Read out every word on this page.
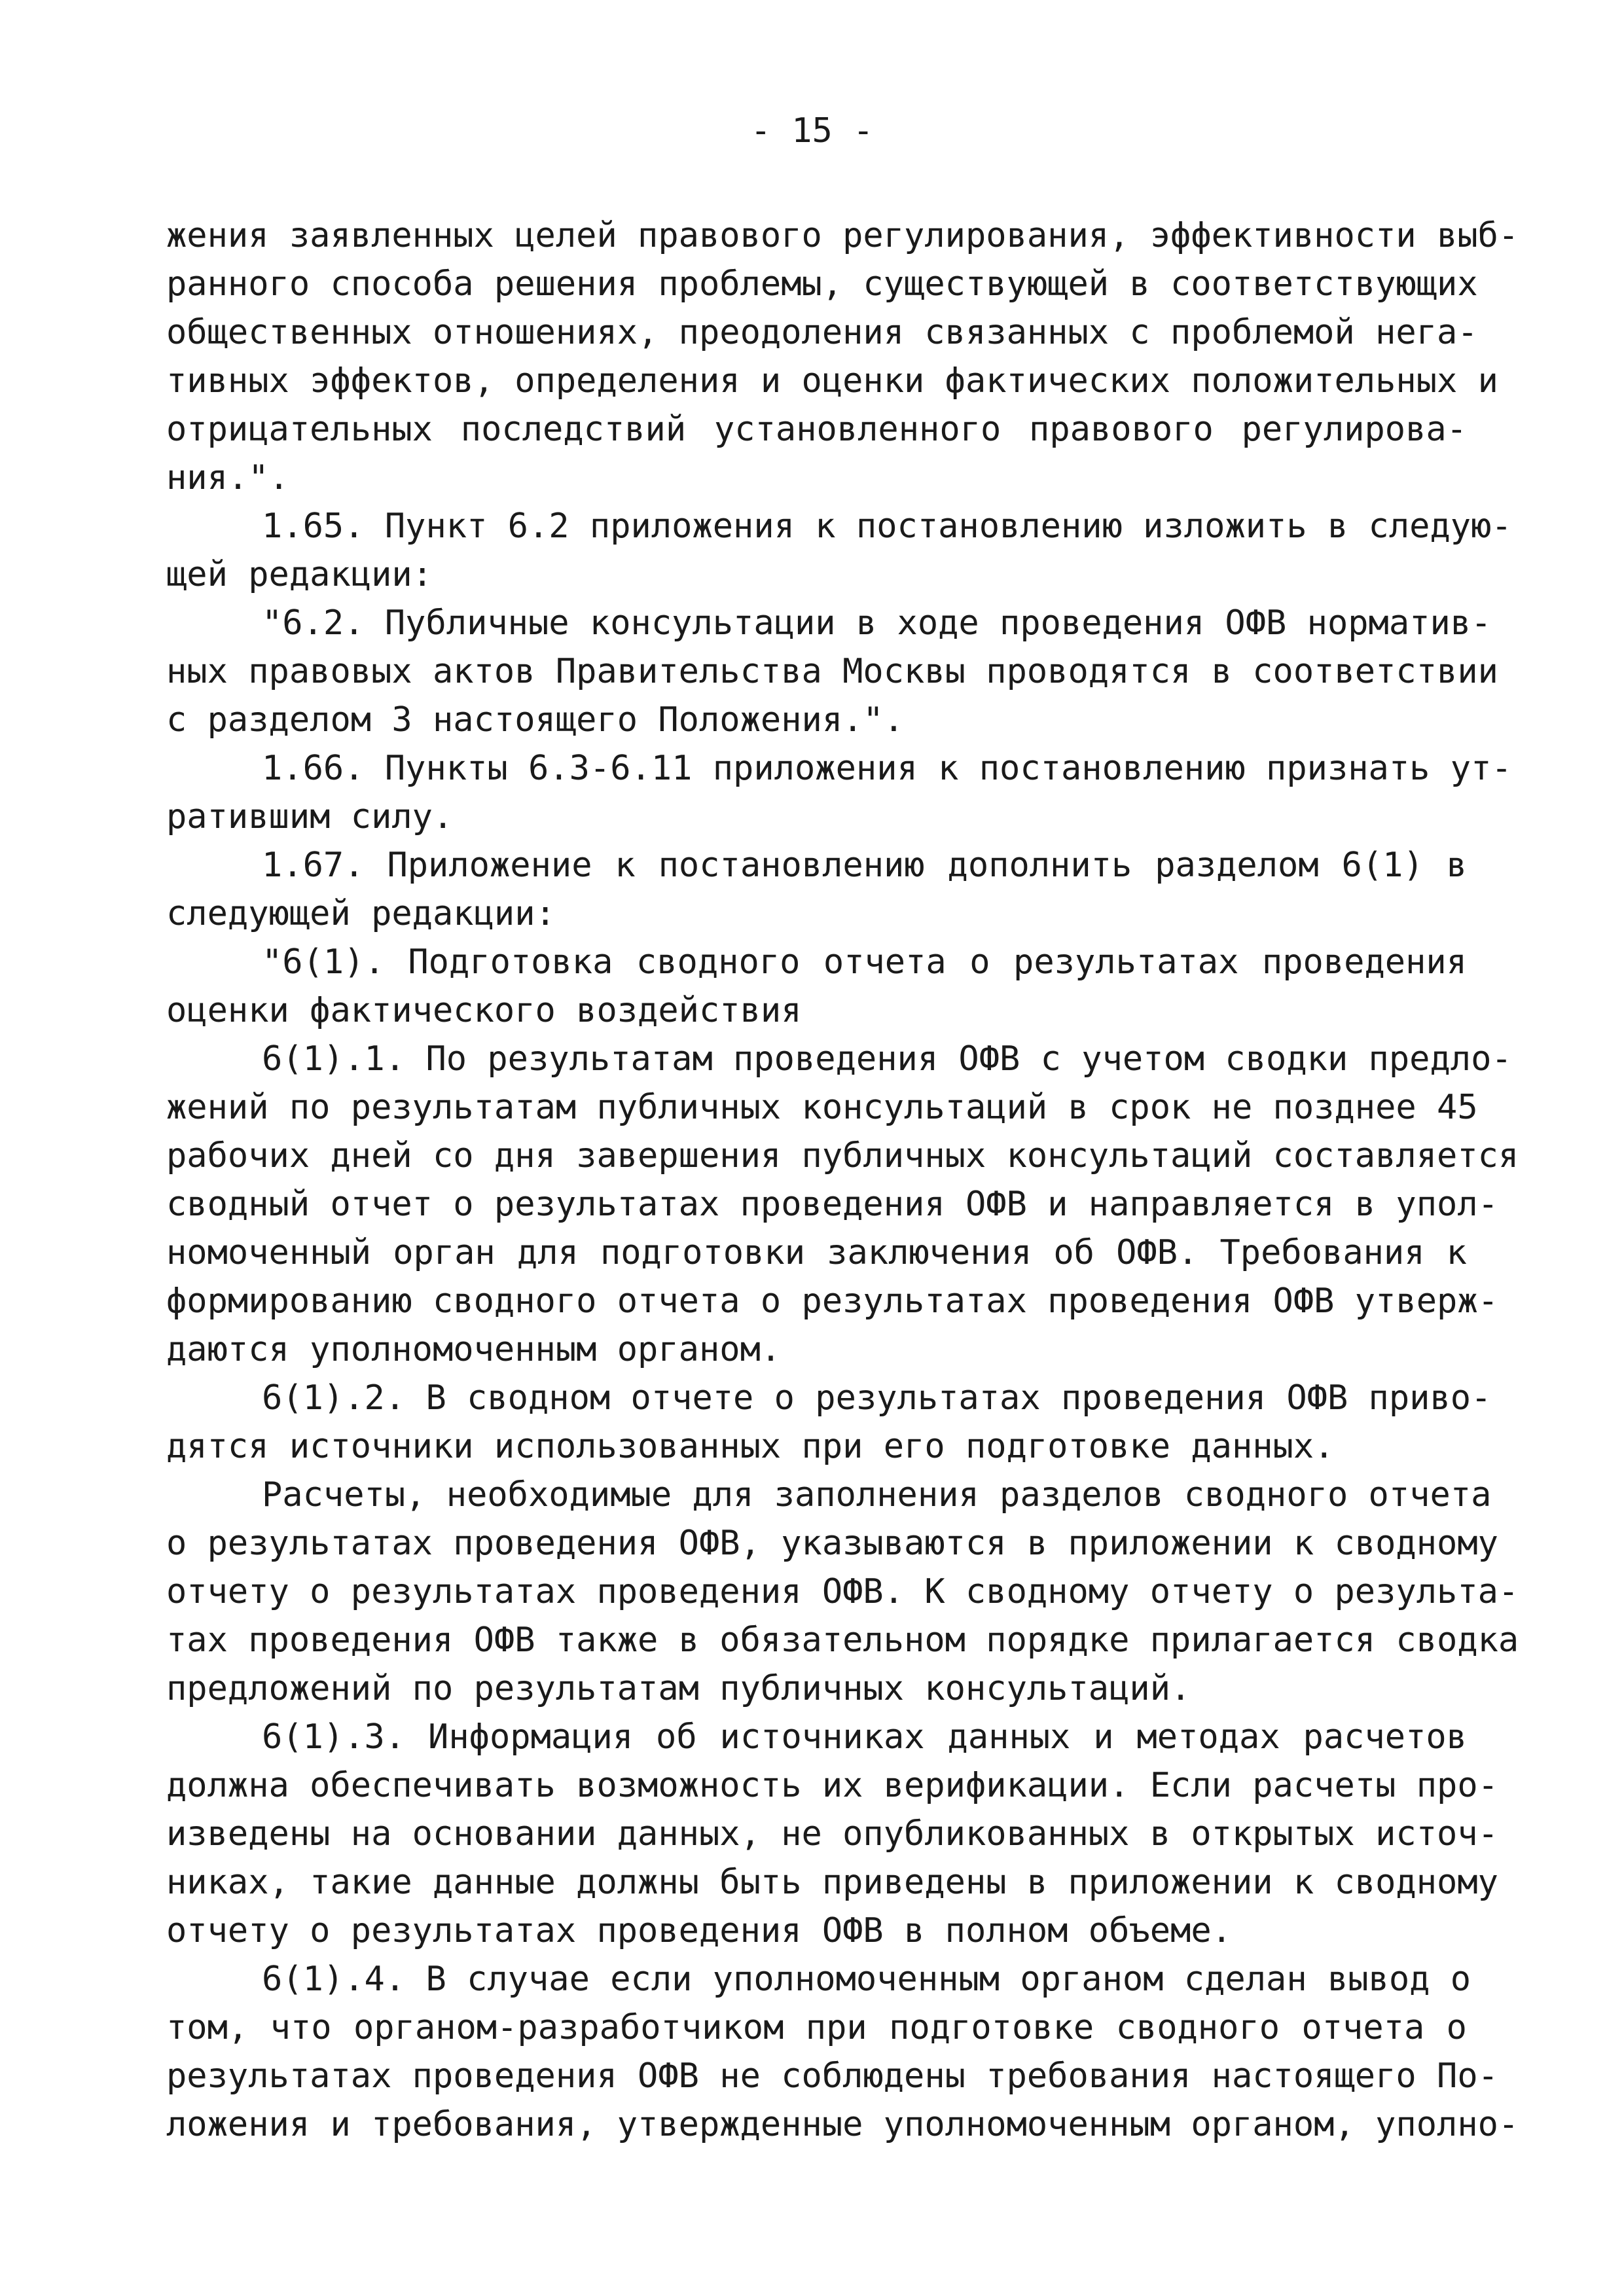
- 15 -
жения заявленных целей правового регулирования, эффективности выб-
ранного способа решения проблемы, существующей в соответствующих
общественных отношениях, преодоления связанных с проблемой нега-
тивных эффектов, определения и оценки фактических положительных и
отрицательных последствий установленного правового регулирова-
ния.".
1.65. Пункт 6.2 приложения к постановлению изложить в следую-
щей редакции:
"6.2. Публичные консультации в ходе проведения ОФВ норматив-
ных правовых актов Правительства Москвы проводятся в соответствии
с разделом 3 настоящего Положения.".
1.66. Пункты 6.3-6.11 приложения к постановлению признать ут-
ратившим силу.
1.67. Приложение к постановлению дополнить разделом 6(1) в
следующей редакции:
"6(1). Подготовка сводного отчета о результатах проведения
оценки фактического воздействия
6(1).1. По результатам проведения ОФВ с учетом сводки предло-
жений по результатам публичных консультаций в срок не позднее 45
рабочих дней со дня завершения публичных консультаций составляется
сводный отчет о результатах проведения ОФВ и направляется в упол-
номоченный орган для подготовки заключения об ОФВ. Требования к
формированию сводного отчета о результатах проведения ОФВ утверж-
даются уполномоченным органом.
6(1).2. В сводном отчете о результатах проведения ОФВ приво-
дятся источники использованных при его подготовке данных.
Расчеты, необходимые для заполнения разделов сводного отчета
о результатах проведения ОФВ, указываются в приложении к сводному
отчету о результатах проведения ОФВ. К сводному отчету о результа-
тах проведения ОФВ также в обязательном порядке прилагается сводка
предложений по результатам публичных консультаций.
6(1).3. Информация об источниках данных и методах расчетов
должна обеспечивать возможность их верификации. Если расчеты про-
изведены на основании данных, не опубликованных в открытых источ-
никах, такие данные должны быть приведены в приложении к сводному
отчету о результатах проведения ОФВ в полном объеме.
6(1).4. В случае если уполномоченным органом сделан вывод о
том, что органом-разработчиком при подготовке сводного отчета о
результатах проведения ОФВ не соблюдены требования настоящего По-
ложения и требования, утвержденные уполномоченным органом, уполно-
